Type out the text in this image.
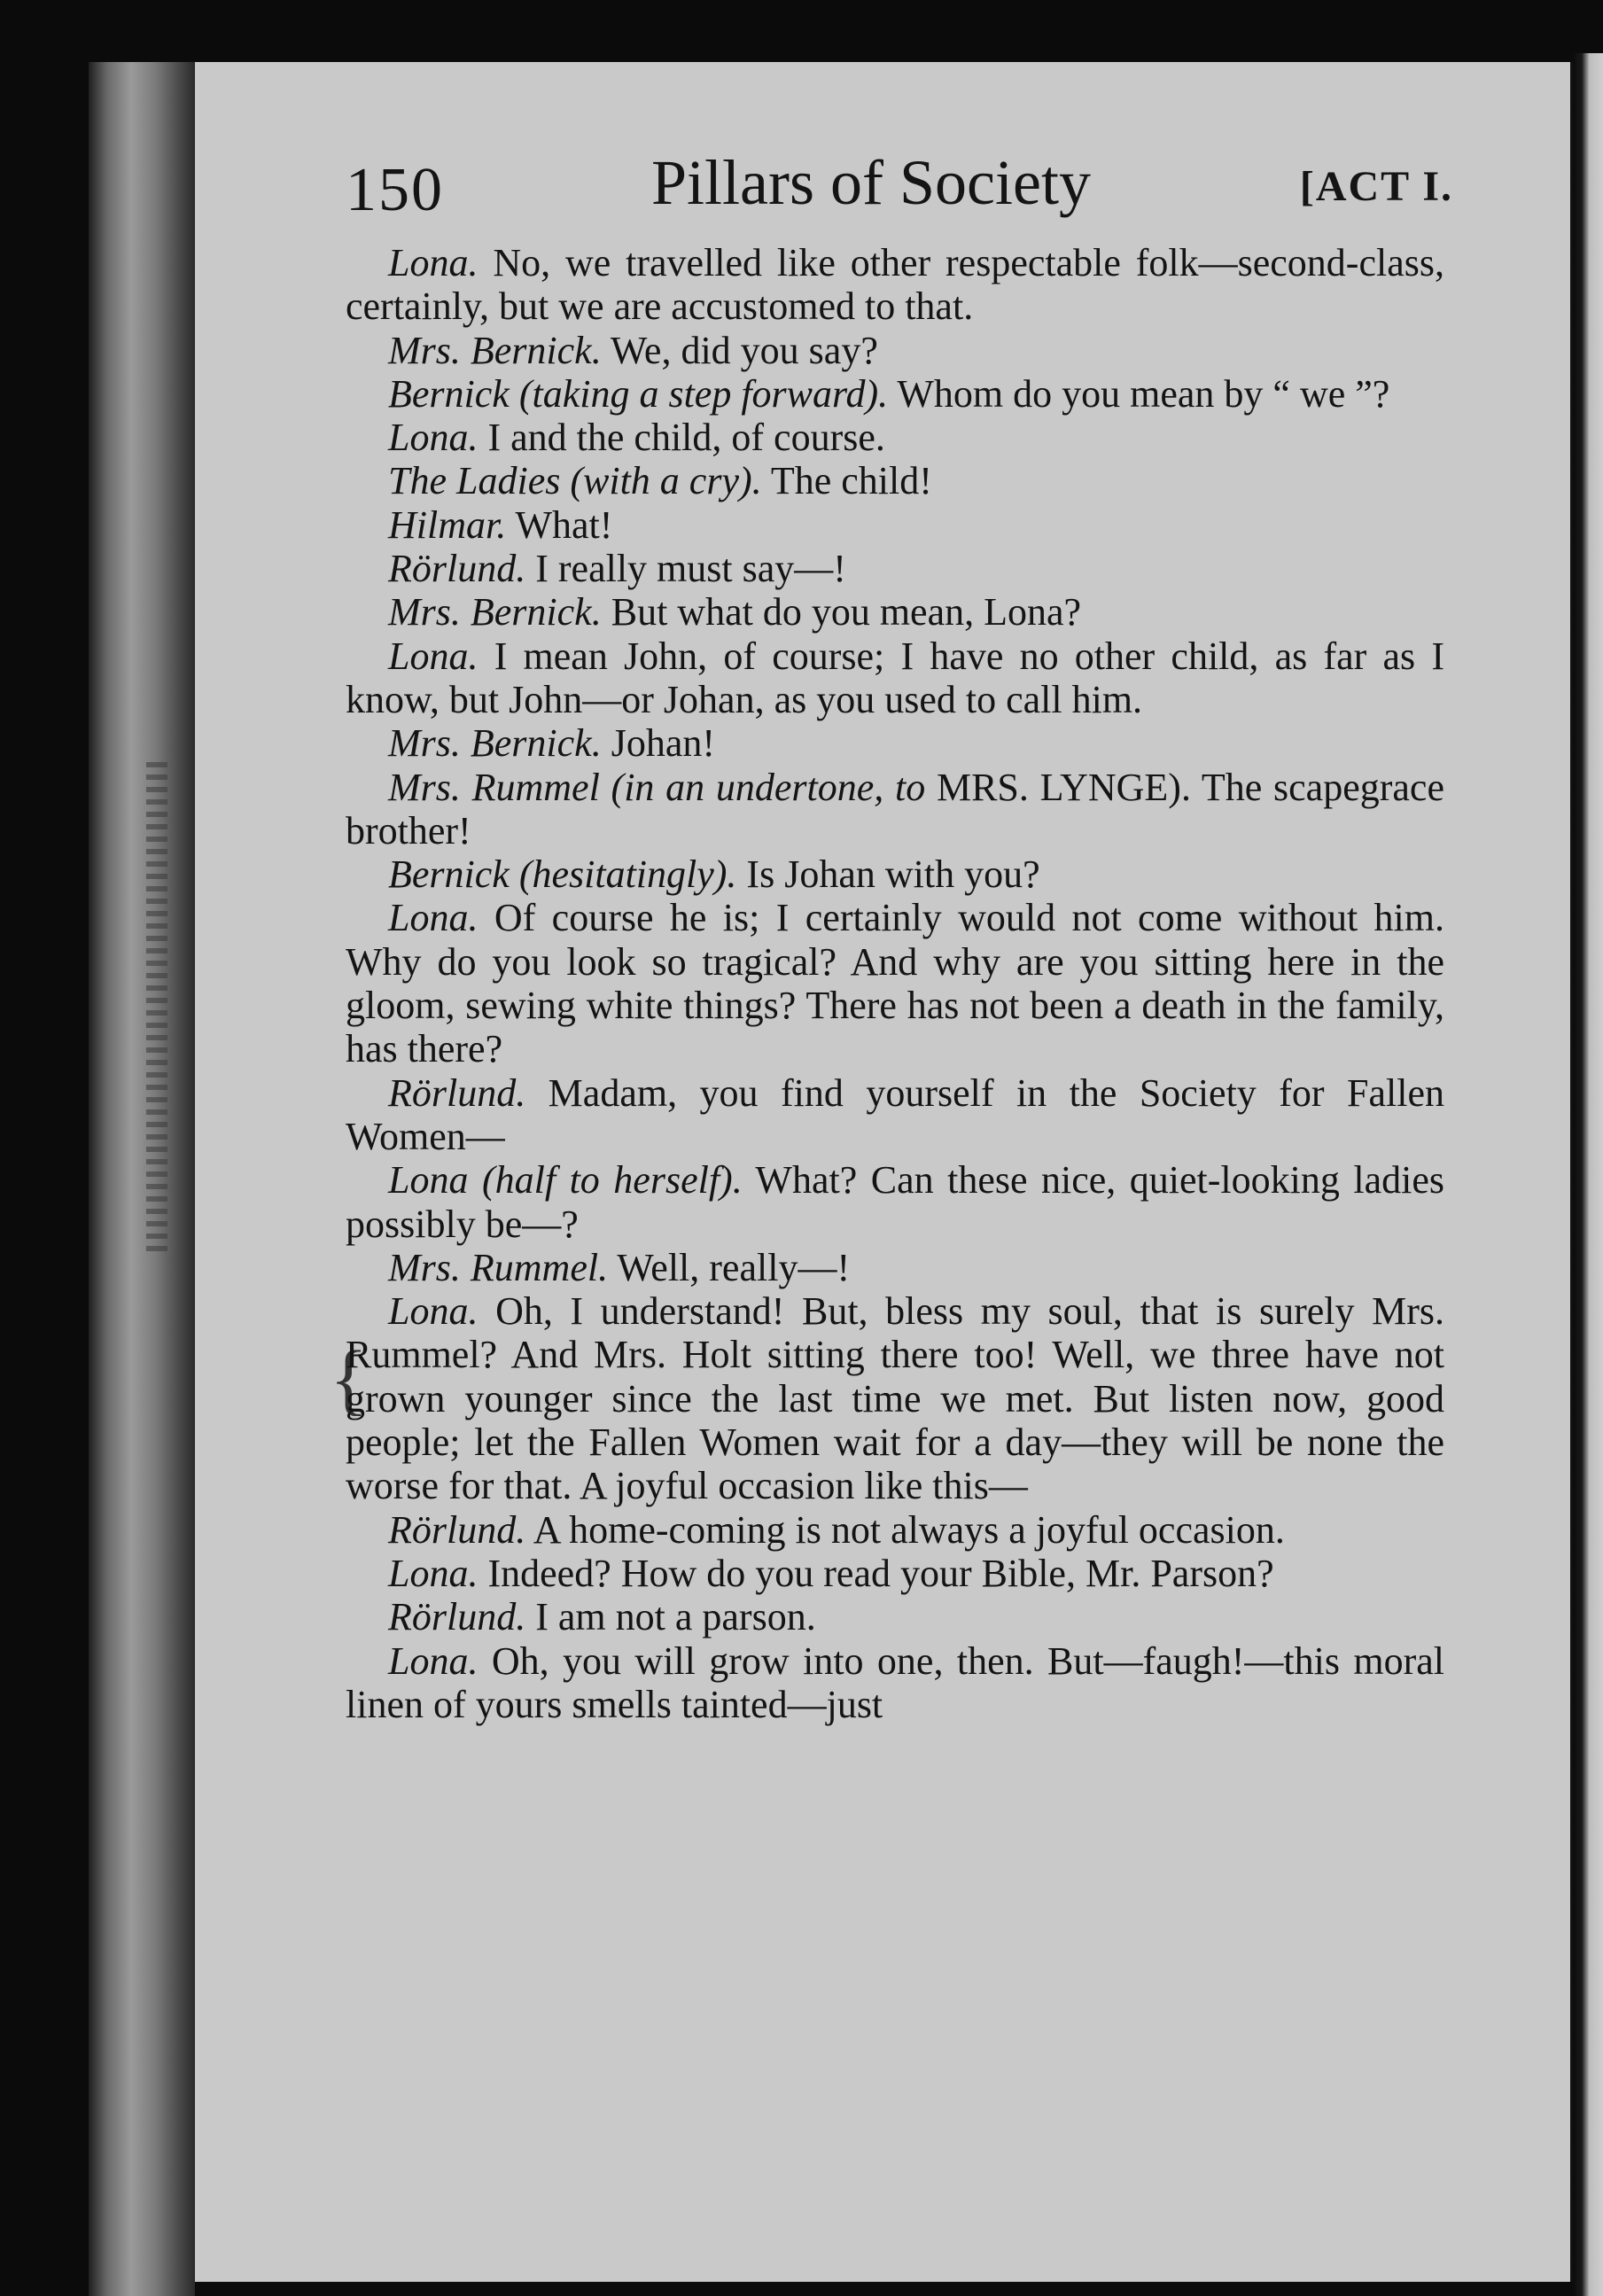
150	Pillars of Society	[ACT I.
{

Lona. No, we travelled like other respectable folk—second-class, certainly, but we are accustomed to that.

Mrs. Bernick. We, did you say?

Bernick (taking a step forward). Whom do you mean by “ we ”?

Lona. I and the child, of course.

The Ladies (with a cry). The child!

Hilmar. What!

Rörlund. I really must say—!

Mrs. Bernick. But what do you mean, Lona?

Lona. I mean John, of course; I have no other child, as far as I know, but John—or Johan, as you used to call him.

Mrs. Bernick. Johan!

Mrs. Rummel (in an undertone, to MRS. LYNGE). The scapegrace brother!

Bernick (hesitatingly). Is Johan with you?

Lona. Of course he is; I certainly would not come without him. Why do you look so tragical? And why are you sitting here in the gloom, sewing white things? There has not been a death in the family, has there?

Rörlund. Madam, you find yourself in the Society for Fallen Women—

Lona (half to herself). What? Can these nice, quiet-looking ladies possibly be—?

Mrs. Rummel. Well, really—!

Lona. Oh, I understand! But, bless my soul, that is surely Mrs. Rummel? And Mrs. Holt sitting there too! Well, we three have not grown younger since the last time we met. But listen now, good people; let the Fallen Women wait for a day—they will be none the worse for that. A joyful occasion like this—

Rörlund. A home-coming is not always a joyful occasion.

Lona. Indeed? How do you read your Bible, Mr. Parson?

Rörlund. I am not a parson.

Lona. Oh, you will grow into one, then. But—faugh!—this moral linen of yours smells tainted—just
